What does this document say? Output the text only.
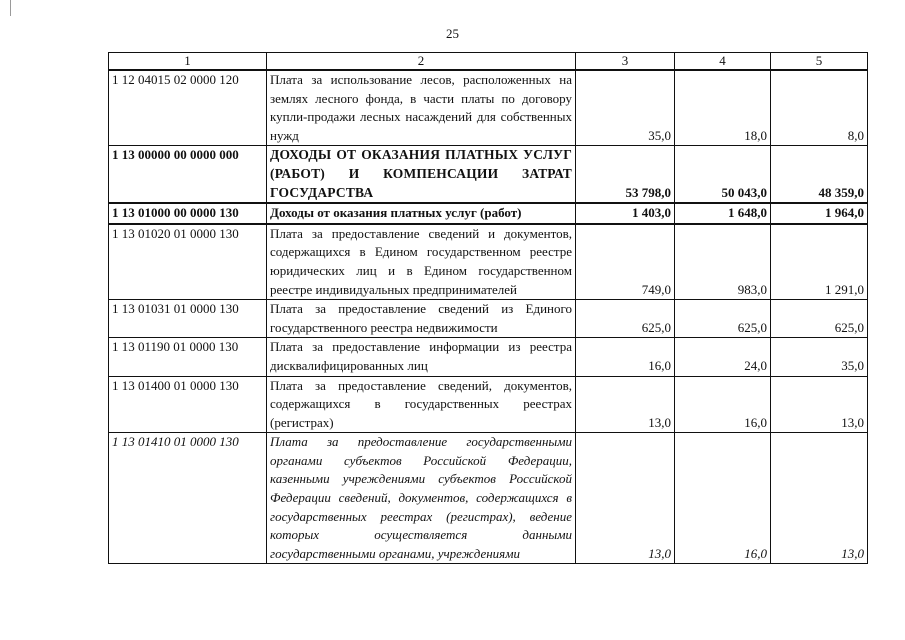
25
1	2	3	4	5
1 12 04015 02 0000 120	Плата за использование лесов, расположенных на землях лесного фонда, в части платы по договору купли-продажи лесных насаждений для собственных нужд	35,0	18,0	8,0
1 13 00000 00 0000 000	ДОХОДЫ ОТ ОКАЗАНИЯ ПЛАТНЫХ УСЛУГ (РАБОТ) И КОМПЕНСАЦИИ ЗАТРАТ ГОСУДАРСТВА	53 798,0	50 043,0	48 359,0
1 13 01000 00 0000 130	Доходы от оказания платных услуг (работ)	1 403,0	1 648,0	1 964,0
1 13 01020 01 0000 130	Плата за предоставление сведений и документов, содержащихся в Едином государственном реестре юридических лиц и в Едином государственном реестре индивидуальных предпринимателей	749,0	983,0	1 291,0
1 13 01031 01 0000 130	Плата за предоставление сведений из Единого государственного реестра недвижимости	625,0	625,0	625,0
1 13 01190 01 0000 130	Плата за предоставление информации из реестра дисквалифицированных лиц	16,0	24,0	35,0
1 13 01400 01 0000 130	Плата за предоставление сведений, документов, содержащихся в государственных реестрах (регистрах)	13,0	16,0	13,0
1 13 01410 01 0000 130	Плата за предоставление государственными органами субъектов Российской Федерации, казенными учреждениями субъектов Российской Федерации сведений, документов, содержащихся в государственных реестрах (регистрах), ведение которых осуществляется данными государственными органами, учреждениями	13,0	16,0	13,0
